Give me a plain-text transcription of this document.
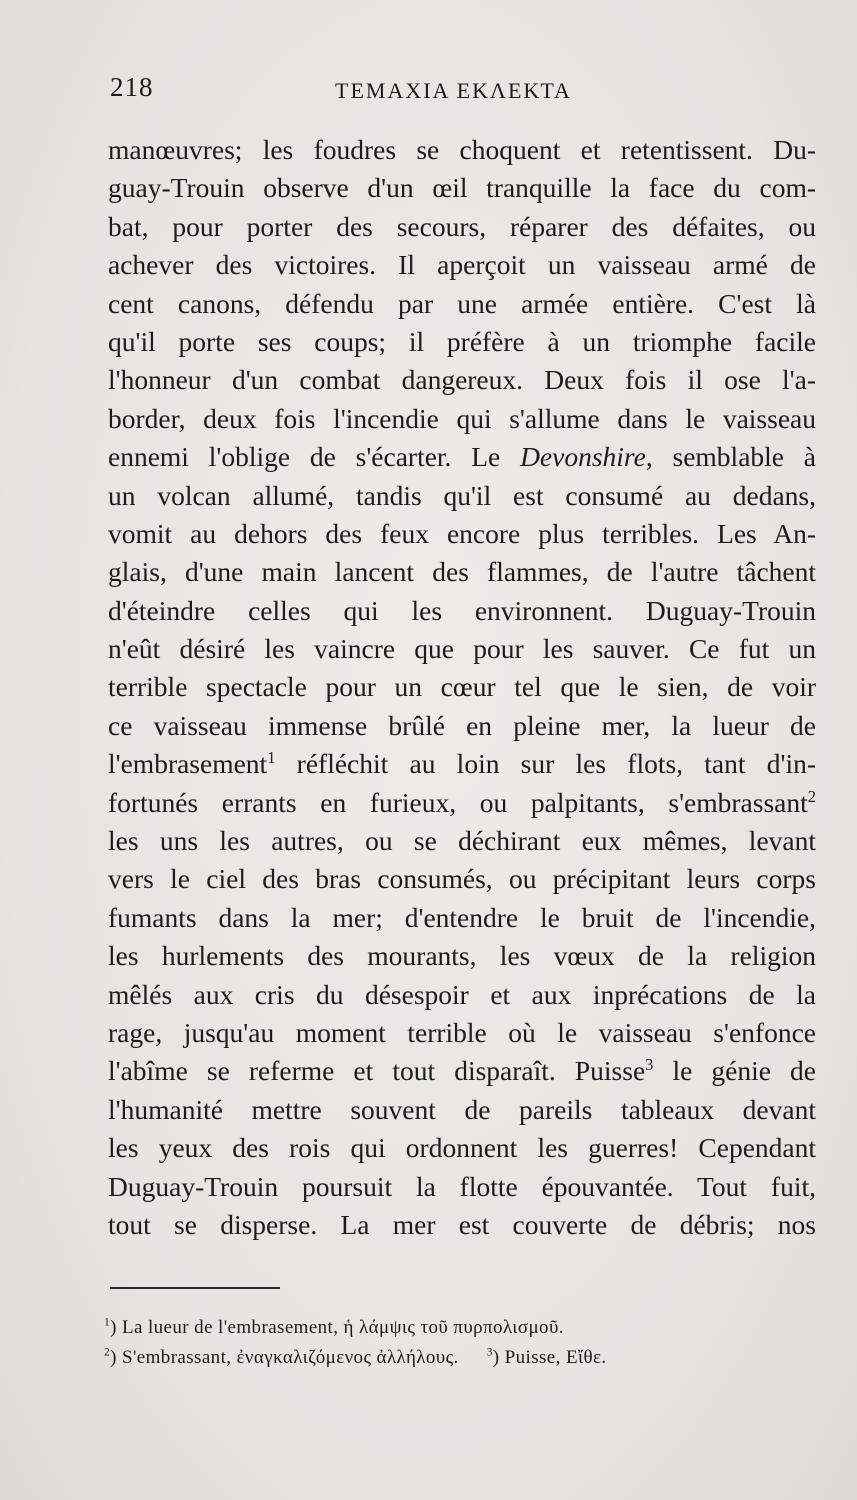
218	ΤΕΜΑΧΙΑ ΕΚΛΕΚΤΑ
manœuvres; les foudres se choquent et retentissent. Du-
guay-Trouin observe d'un œil tranquille la face du com-
bat, pour porter des secours, réparer des défaites, ou
achever des victoires. Il aperçoit un vaisseau armé de
cent canons, défendu par une armée entière. C'est là
qu'il porte ses coups; il préfère à un triomphe facile
l'honneur d'un combat dangereux. Deux fois il ose l'a-
border, deux fois l'incendie qui s'allume dans le vaisseau
ennemi l'oblige de s'écarter. Le Devonshire, semblable à
un volcan allumé, tandis qu'il est consumé au dedans,
vomit au dehors des feux encore plus terribles. Les An-
glais, d'une main lancent des flammes, de l'autre tâchent
d'éteindre celles qui les environnent. Duguay-Trouin
n'eût désiré les vaincre que pour les sauver. Ce fut un
terrible spectacle pour un cœur tel que le sien, de voir
ce vaisseau immense brûlé en pleine mer, la lueur de
l'embrasement$^1$ réfléchit au loin sur les flots, tant d'in-
fortunés errants en furieux, ou palpitants, s'embrassant$^2$
les uns les autres, ou se déchirant eux mêmes, levant
vers le ciel des bras consumés, ou précipitant leurs corps
fumants dans la mer; d'entendre le bruit de l'incendie,
les hurlements des mourants, les vœux de la religion
mêlés aux cris du désespoir et aux inprécations de la
rage, jusqu'au moment terrible où le vaisseau s'enfonce
l'abîme se referme et tout disparaît. Puisse$^3$ le génie de
l'humanité mettre souvent de pareils tableaux devant
les yeux des rois qui ordonnent les guerres! Cependant
Duguay-Trouin poursuit la flotte épouvantée. Tout fuit,
tout se disperse. La mer est couverte de débris; nos
$^1$) La lueur de l'embrasement, ἡ λάμψις τοῦ πυρπολισμοῦ.
$^2$) S'embrassant, ἐναγκαλιζόμενος ἀλλήλους. $^3$) Puisse, Εἴθε.
